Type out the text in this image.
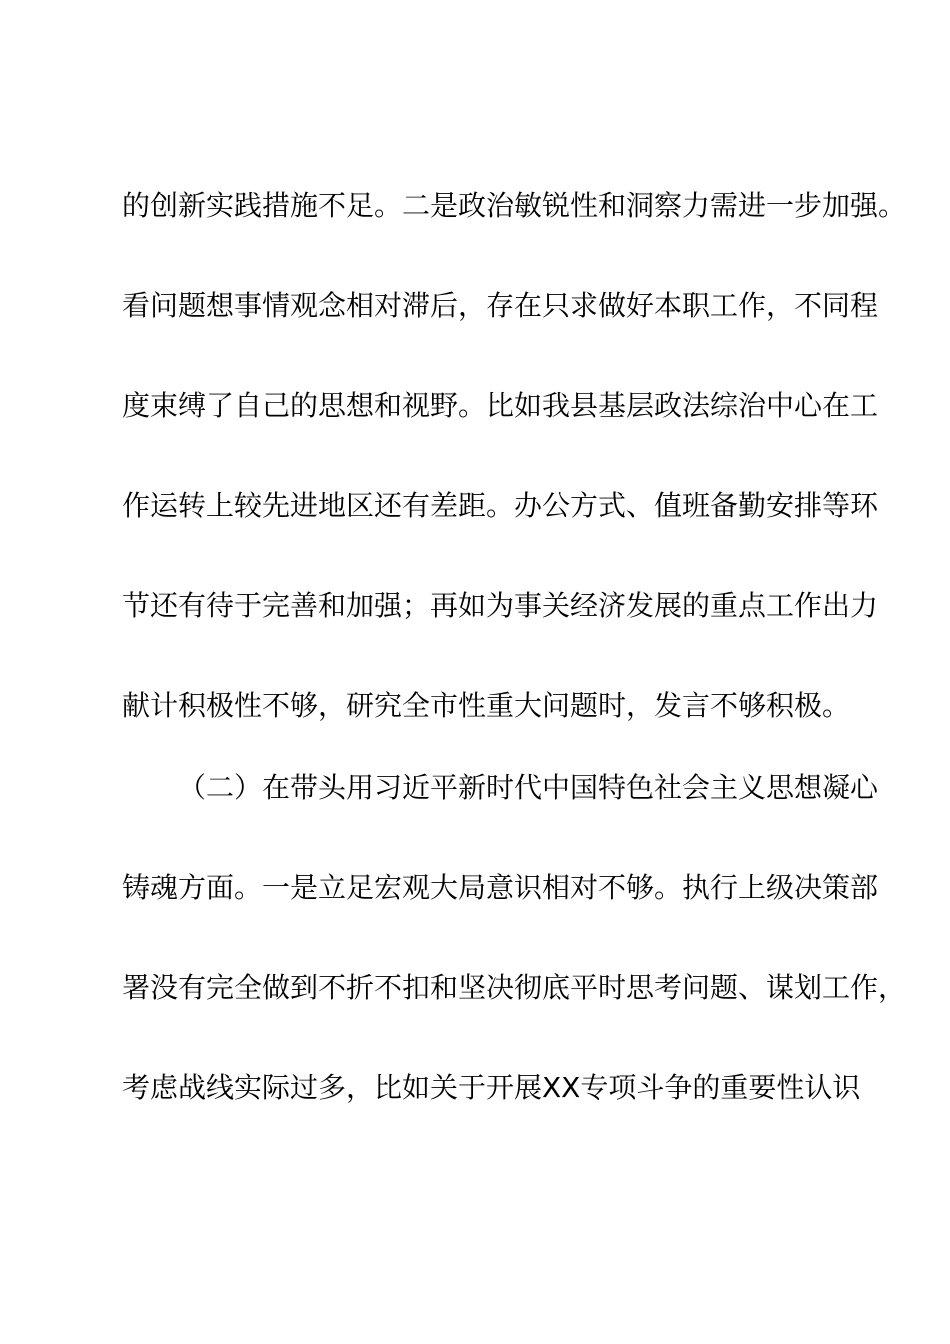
的创新实践措施不足。二是政治敏锐性和洞察力需进一步加强。
看问题想事情观念相对滞后，存在只求做好本职工作，不同程
度束缚了自己的思想和视野。比如我县基层政法综治中心在工
作运转上较先进地区还有差距。办公方式、值班备勤安排等环
节还有待于完善和加强；再如为事关经济发展的重点工作出力
献计积极性不够，研究全市性重大问题时，发言不够积极。
（二）在带头用习近平新时代中国特色社会主义思想凝心
铸魂方面。一是立足宏观大局意识相对不够。执行上级决策部
署没有完全做到不折不扣和坚决彻底平时思考问题、谋划工作，
考虑战线实际过多，比如关于开展XX专项斗争的重要性认识
